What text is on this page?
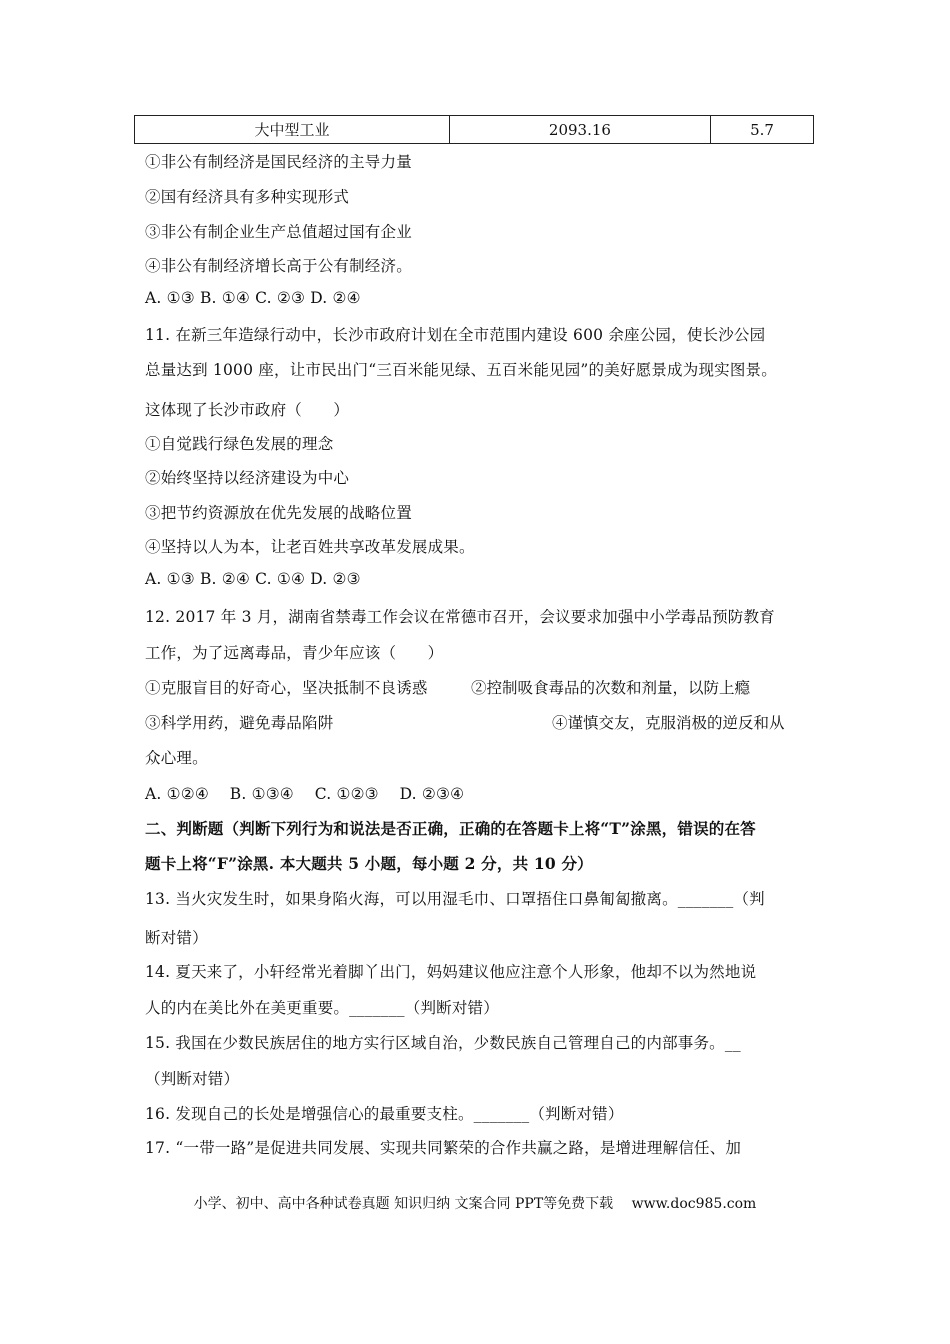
大中型工业	2093.16	5.7
①非公有制经济是国民经济的主导力量
②国有经济具有多种实现形式
③非公有制企业生产总值超过国有企业
④非公有制经济增长高于公有制经济。
A. ①③ B. ①④ C. ②③ D. ②④
11. 在新三年造绿行动中，长沙市政府计划在全市范围内建设 600 余座公园，使长沙公园
总量达到 1000 座，让市民出门“三百米能见绿、五百米能见园”的美好愿景成为现实图景。
这体现了长沙市政府（　　）
①自觉践行绿色发展的理念
②始终坚持以经济建设为中心
③把节约资源放在优先发展的战略位置
④坚持以人为本，让老百姓共享改革发展成果。
A. ①③ B. ②④ C. ①④ D. ②③
12. 2017 年 3 月，湖南省禁毒工作会议在常德市召开，会议要求加强中小学毒品预防教育
工作，为了远离毒品，青少年应该（　　）
①克服盲目的好奇心，坚决抵制不良诱惑	②控制吸食毒品的次数和剂量，以防上瘾
③科学用药，避免毒品陷阱	④谨慎交友，克服消极的逆反和从
众心理。
A. ①②④　 B. ①③④　 C. ①②③　 D. ②③④
二、判断题（判断下列行为和说法是否正确，正确的在答题卡上将“T”涂黑，错误的在答
题卡上将“F”涂黑. 本大题共 5 小题，每小题 2 分，共 10 分）
13. 当火灾发生时，如果身陷火海，可以用湿毛巾、口罩捂住口鼻匍匐撤离。_______（判
断对错）
14. 夏天来了，小轩经常光着脚丫出门，妈妈建议他应注意个人形象，他却不以为然地说
人的内在美比外在美更重要。_______（判断对错）
15. 我国在少数民族居住的地方实行区域自治，少数民族自己管理自己的内部事务。__
（判断对错）
16. 发现自己的长处是增强信心的最重要支柱。_______（判断对错）
17. “一带一路”是促进共同发展、实现共同繁荣的合作共赢之路，是增进理解信任、加
小学、初中、高中各种试卷真题 知识归纳 文案合同 PPT等免费下载　 www.doc985.com
